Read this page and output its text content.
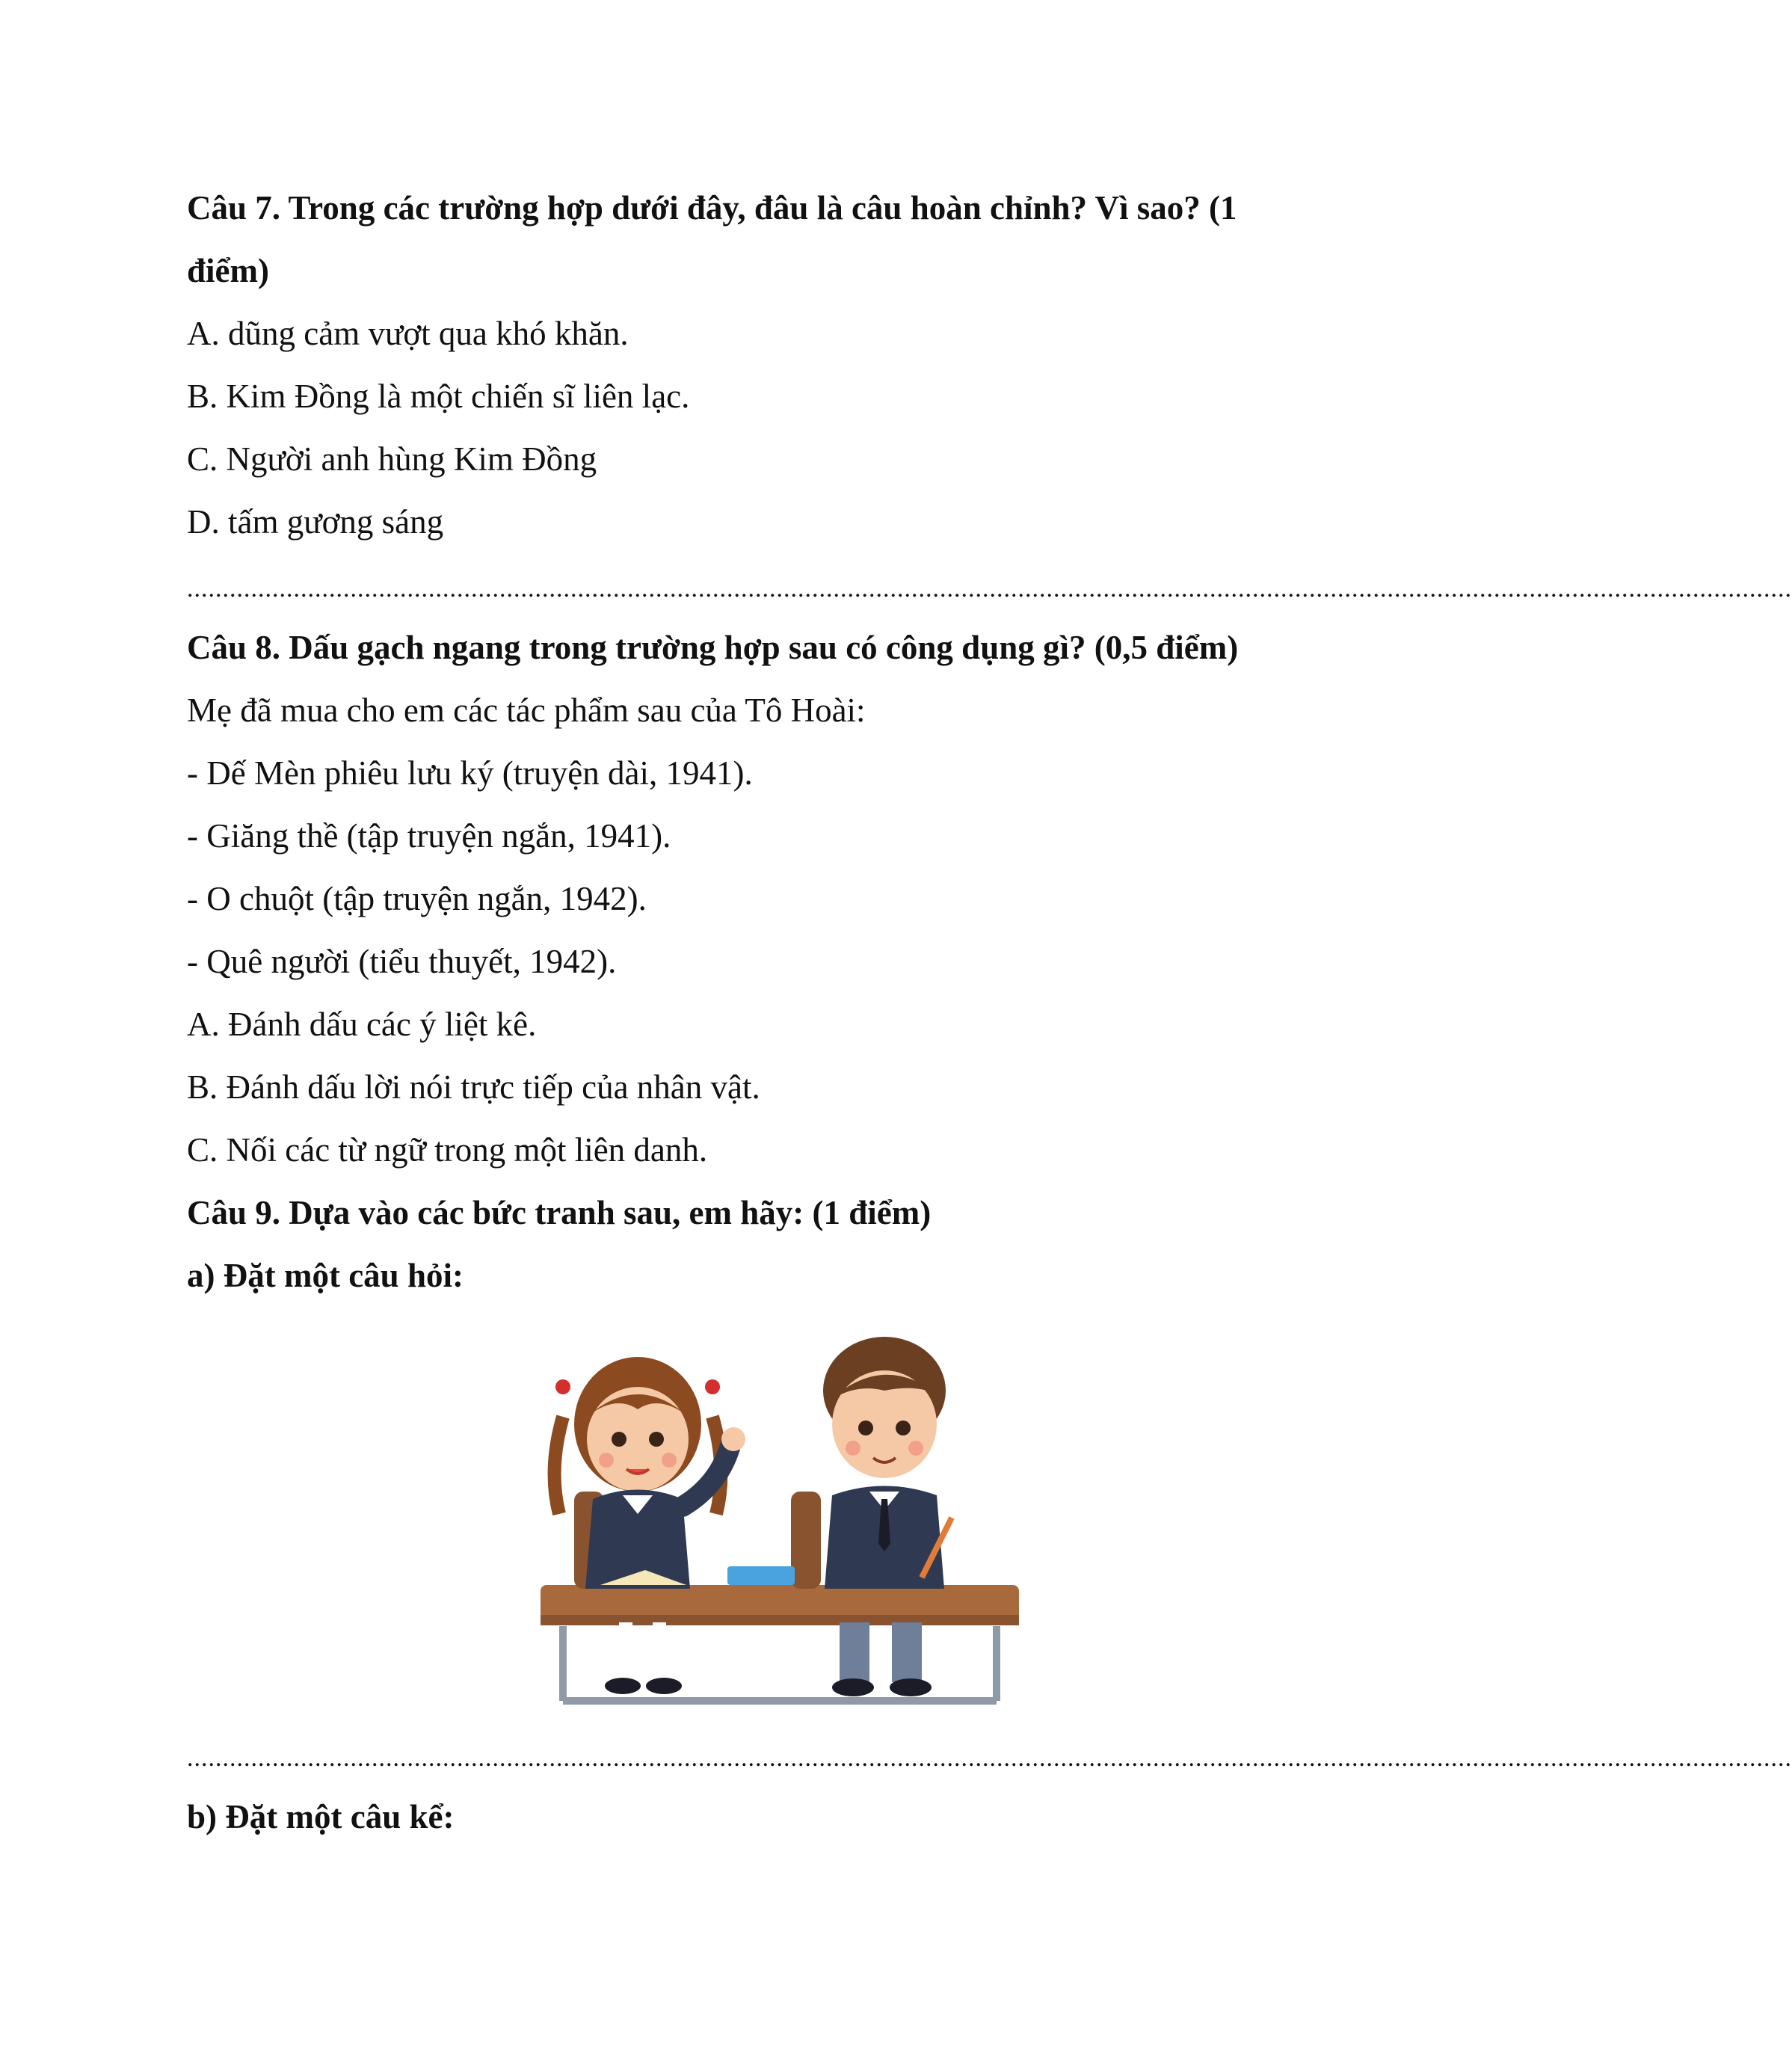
Câu 7. Trong các trường hợp dưới đây, đâu là câu hoàn chỉnh? Vì sao? (1
điểm)
A. dũng cảm vượt qua khó khăn.
B. Kim Đồng là một chiến sĩ liên lạc.
C. Người anh hùng Kim Đồng
D. tấm gương sáng
..................................................................................................................................................................................................................................
Câu 8. Dấu gạch ngang trong trường hợp sau có công dụng gì? (0,5 điểm)
Mẹ đã mua cho em các tác phẩm sau của Tô Hoài:
- Dế Mèn phiêu lưu ký (truyện dài, 1941).
- Giăng thề (tập truyện ngắn, 1941).
- O chuột (tập truyện ngắn, 1942).
- Quê người (tiểu thuyết, 1942).
A. Đánh dấu các ý liệt kê.
B. Đánh dấu lời nói trực tiếp của nhân vật.
C. Nối các từ ngữ trong một liên danh.
Câu 9. Dựa vào các bức tranh sau, em hãy: (1 điểm)
a) Đặt một câu hỏi:
..................................................................................................................................................................................................................................
b) Đặt một câu kể:
